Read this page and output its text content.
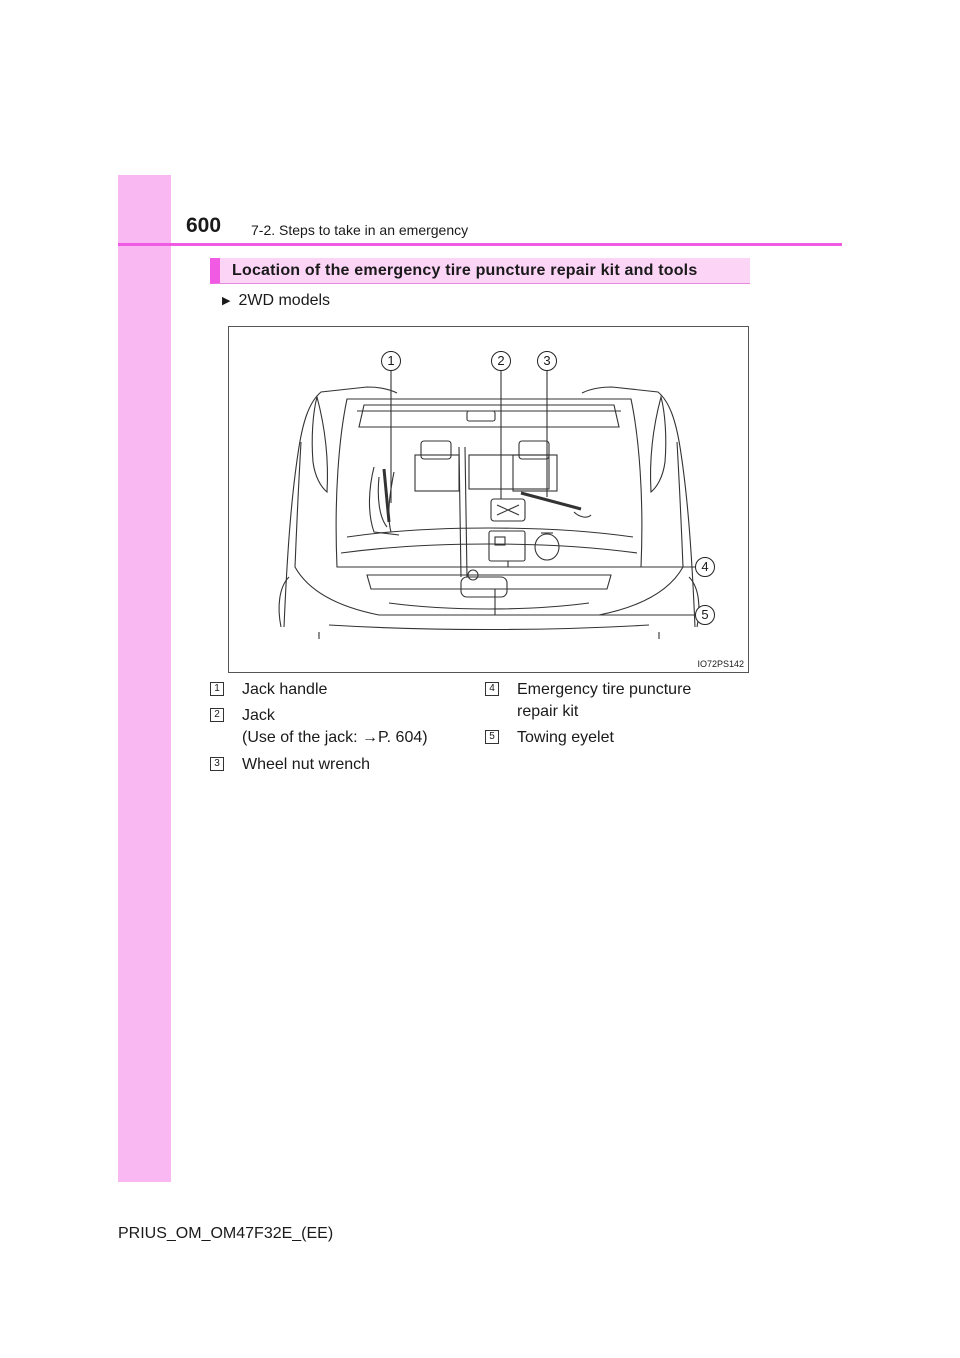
600 7-2. Steps to take in an emergency
Location of the emergency tire puncture repair kit and tools
▶ 2WD models
1	2	3
4
5
IO72PS142
1 Jack handle
2 Jack
(Use of the jack: →P. 604)
3 Wheel nut wrench
4 Emergency tire puncture
repair kit
5 Towing eyelet
PRIUS_OM_OM47F32E_(EE)
